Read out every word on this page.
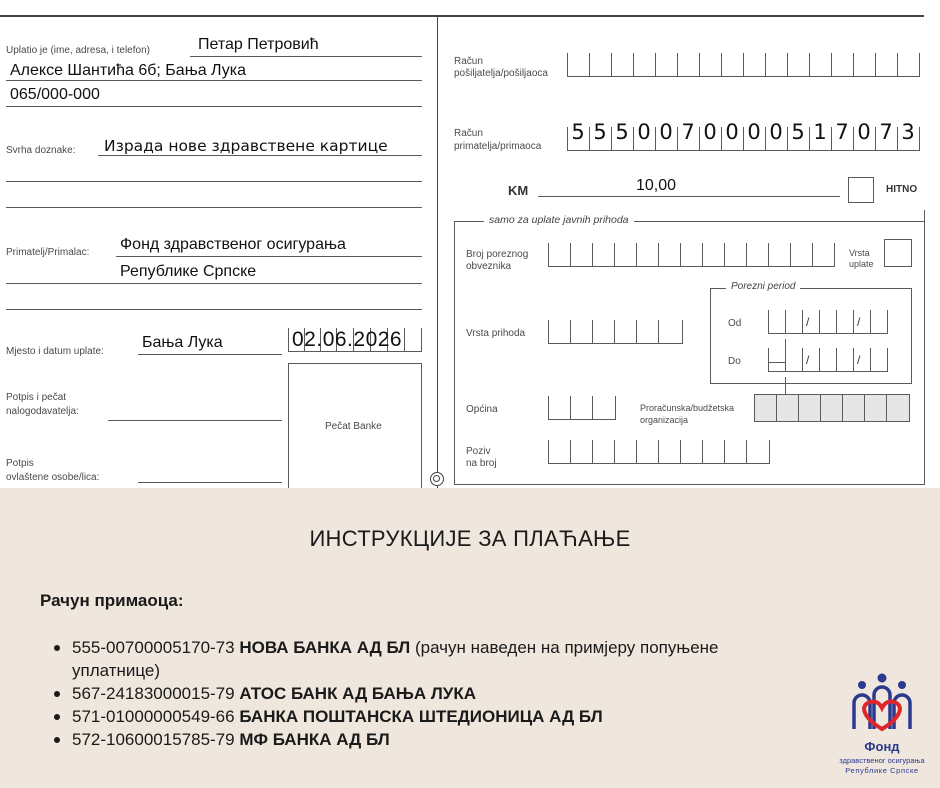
Uplatio je (ime, adresa, i telefon)	Петар Петровић
Алексе Шантића 6б; Бања Лука
065/000-000
Svrha doznake: Израда нове здравствене картице
Primatelj/Primalac: Фонд здравственог осигурања
Републике Српске
Mjesto i datum uplate:
Бања Лука	02.06.2026
Potpis i pečat
nalogodavatelja:
Potpis
ovlaštene osobe/lica:
Pečat Banke
Račun
pošiljatelja/pošiljaoca
Račun
primatelja/primaoca
5 5 5 0 0 7 0 0 0 0 5 1 7 0 7 3
KM	10,00	HITNO
samo za uplate javnih prihoda
Broj poreznog
obveznika
Vrsta
uplate
Porezni period
Od	/	/
Do	/	/
Vrsta prihoda
Općina	Proračunska/budžetska
organizacija
Poziv
na broj
ИНСТРУКЦИЈЕ ЗА ПЛАЋАЊЕ
Рачун примаоца:
555-00700005170-73 НОВА БАНКА АД БЛ (рачун наведен на примјеру попуњене уплатнице)
567-24183000015-79 АТОС БАНК АД БАЊА ЛУКА
571-01000000549-66 БАНКА ПОШТАНСКА ШТЕДИОНИЦА АД БЛ
572-10600015785-79 МФ БАНКА АД БЛ	Фонд
здравственог осигурања
Републике Српске
